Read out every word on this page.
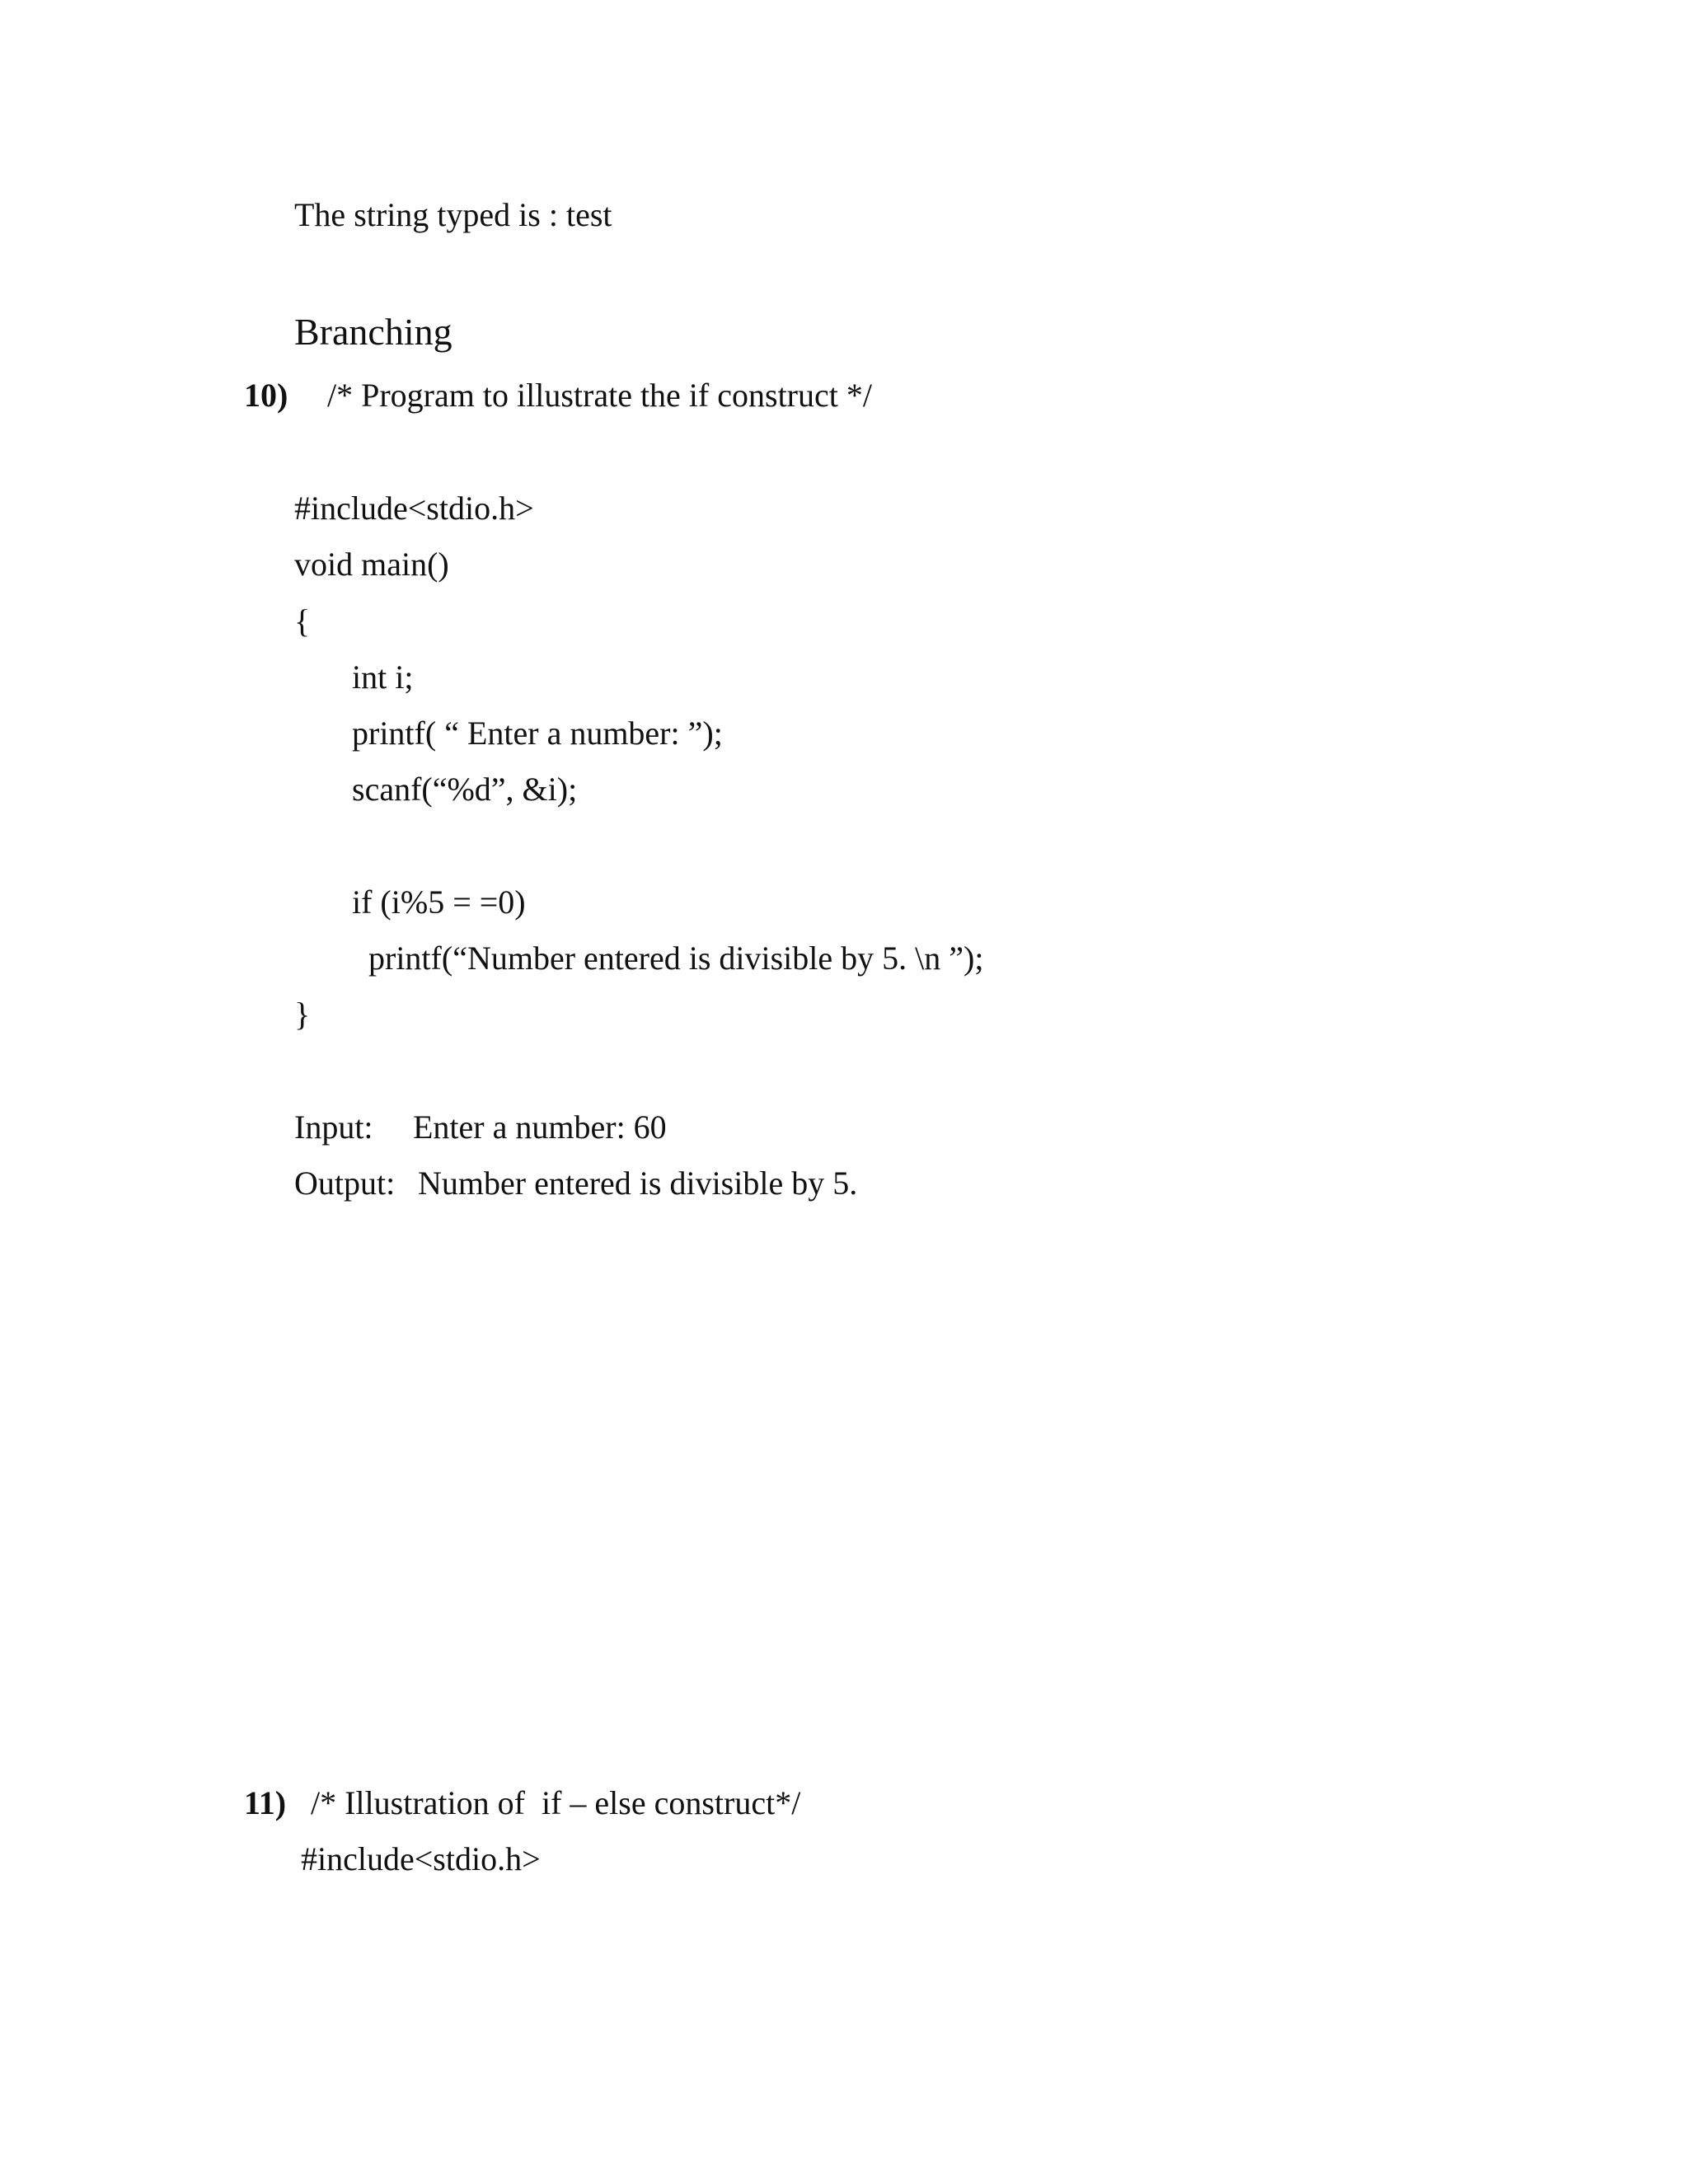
The string typed is : test
Branching
10) /* Program to illustrate the if construct */
#include<stdio.h>
void main()
{
int i;
printf( “ Enter a number: ”);
scanf(“%d”, &i);
if (i%5 = =0)
printf(“Number entered is divisible by 5. \n ”);
}
Input: Enter a number: 60
Output: Number entered is divisible by 5.
11) /* Illustration of  if – else construct*/
#include<stdio.h>
